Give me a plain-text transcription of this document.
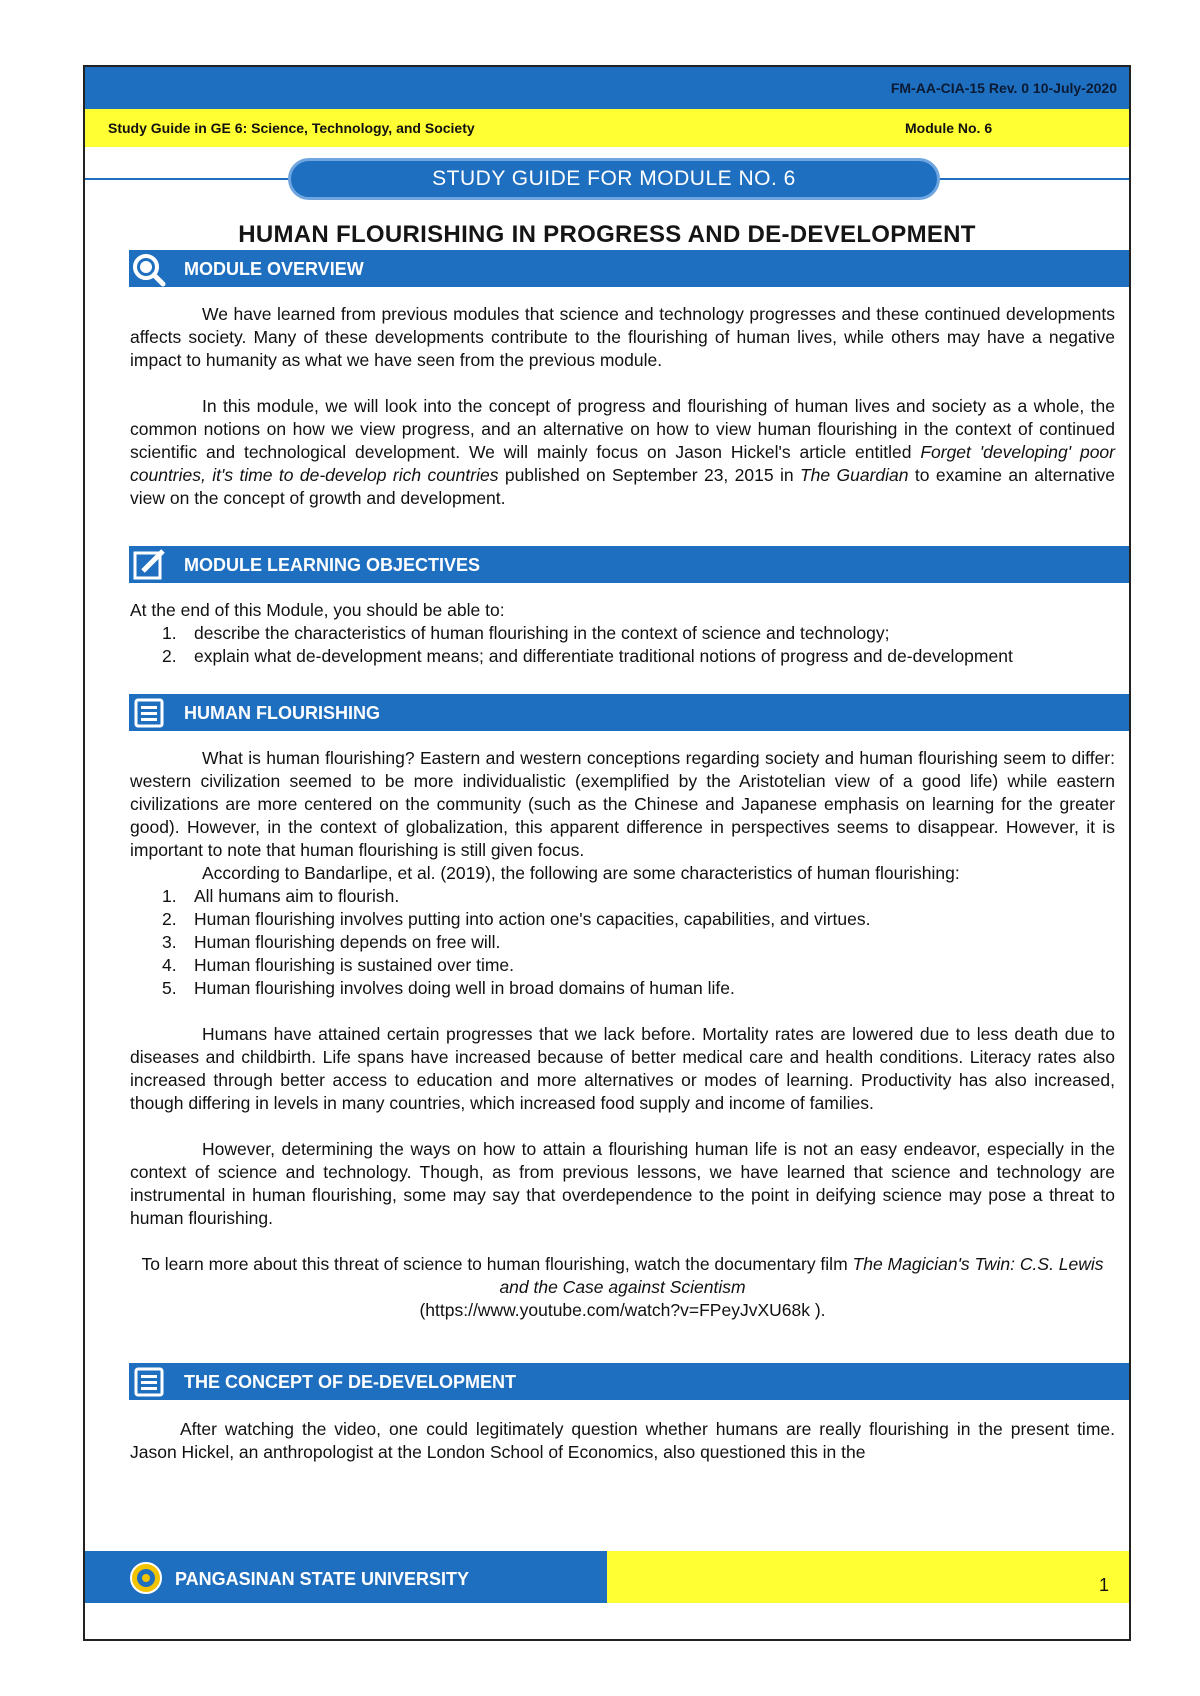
FM-AA-CIA-15 Rev. 0 10-July-2020
Study Guide in GE 6: Science, Technology, and Society	Module No. 6
STUDY GUIDE FOR MODULE NO. 6
HUMAN FLOURISHING IN PROGRESS AND DE-DEVELOPMENT
MODULE OVERVIEW

We have learned from previous modules that science and technology progresses and these continued developments affects society. Many of these developments contribute to the flourishing of human lives, while others may have a negative impact to humanity as what we have seen from the previous module.

In this module, we will look into the concept of progress and flourishing of human lives and society as a whole, the common notions on how we view progress, and an alternative on how to view human flourishing in the context of continued scientific and technological development. We will mainly focus on Jason Hickel's article entitled Forget 'developing' poor countries, it's time to de-develop rich countries published on September 23, 2015 in The Guardian to examine an alternative view on the concept of growth and development.

MODULE LEARNING OBJECTIVES
At the end of this Module, you should be able to:
1. describe the characteristics of human flourishing in the context of science and technology;
2. explain what de-development means; and differentiate traditional notions of progress and de-development
HUMAN FLOURISHING

What is human flourishing? Eastern and western conceptions regarding society and human flourishing seem to differ: western civilization seemed to be more individualistic (exemplified by the Aristotelian view of a good life) while eastern civilizations are more centered on the community (such as the Chinese and Japanese emphasis on learning for the greater good). However, in the context of globalization, this apparent difference in perspectives seems to disappear. However, it is important to note that human flourishing is still given focus.

According to Bandarlipe, et al. (2019), the following are some characteristics of human flourishing:
1. All humans aim to flourish.
2. Human flourishing involves putting into action one's capacities, capabilities, and virtues.
3. Human flourishing depends on free will.
4. Human flourishing is sustained over time.
5. Human flourishing involves doing well in broad domains of human life.

Humans have attained certain progresses that we lack before. Mortality rates are lowered due to less death due to diseases and childbirth. Life spans have increased because of better medical care and health conditions. Literacy rates also increased through better access to education and more alternatives or modes of learning. Productivity has also increased, though differing in levels in many countries, which increased food supply and income of families.

However, determining the ways on how to attain a flourishing human life is not an easy endeavor, especially in the context of science and technology. Though, as from previous lessons, we have learned that science and technology are instrumental in human flourishing, some may say that overdependence to the point in deifying science may pose a threat to human flourishing.

To learn more about this threat of science to human flourishing, watch the documentary film The Magician's Twin: C.S. Lewis and the Case against Scientism
(https://www.youtube.com/watch?v=FPeyJvXU68k ).
THE CONCEPT OF DE-DEVELOPMENT

After watching the video, one could legitimately question whether humans are really flourishing in the present time. Jason Hickel, an anthropologist at the London School of Economics, also questioned this in the

PANGASINAN STATE UNIVERSITY	1
